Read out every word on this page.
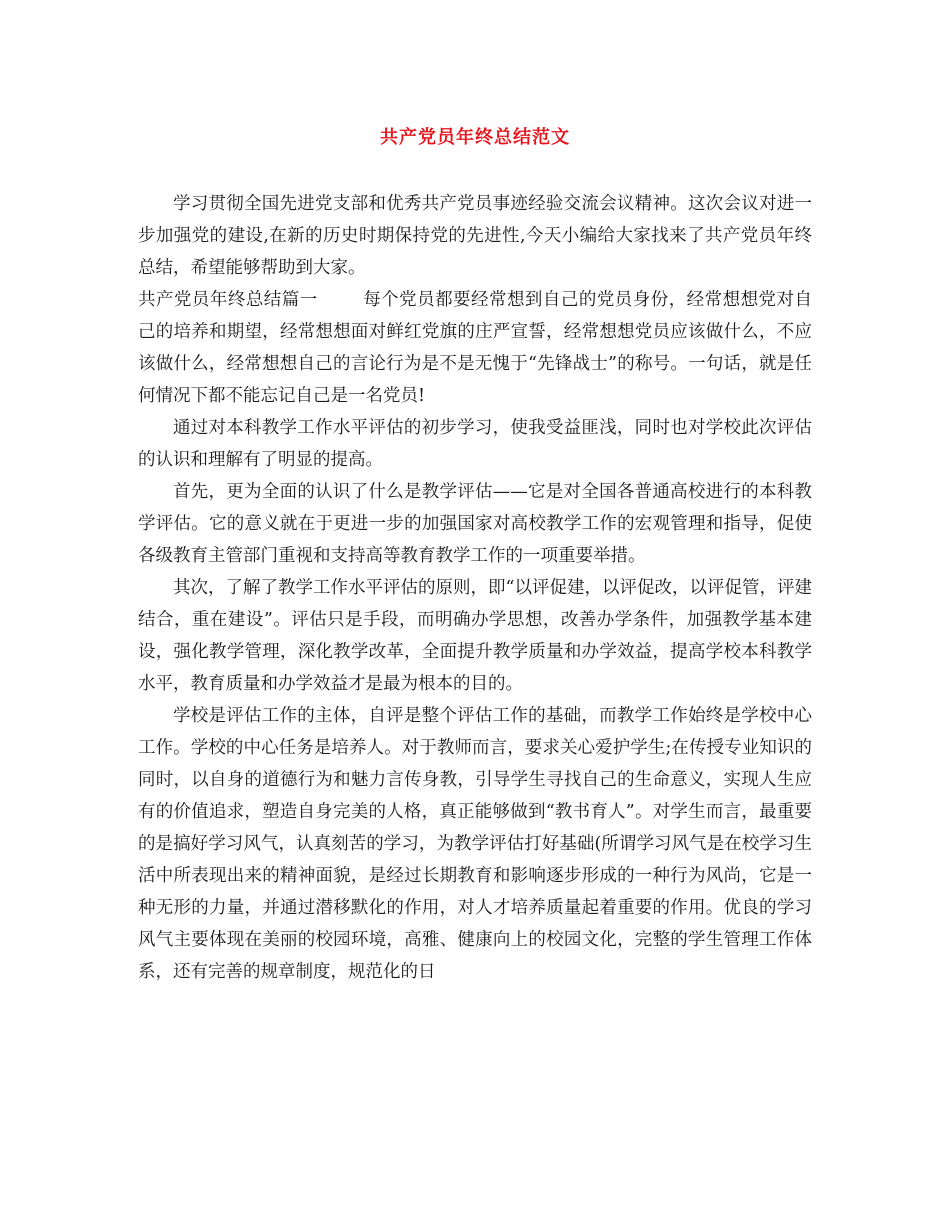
共产党员年终总结范文

学习贯彻全国先进党支部和优秀共产党员事迹经验交流会议精神。这次会议对进一步加强党的建设,在新的历史时期保持党的先进性,今天小编给大家找来了共产党员年终总结，希望能够帮助到大家。

共产党员年终总结篇一	每个党员都要经常想到自己的党员身份，经常想想党对自己的培养和期望，经常想想面对鲜红党旗的庄严宣誓，经常想想党员应该做什么，不应该做什么，经常想想自己的言论行为是不是无愧于“先锋战士”的称号。一句话，就是任何情况下都不能忘记自己是一名党员!

通过对本科教学工作水平评估的初步学习，使我受益匪浅，同时也对学校此次评估的认识和理解有了明显的提高。

首先，更为全面的认识了什么是教学评估——它是对全国各普通高校进行的本科教学评估。它的意义就在于更进一步的加强国家对高校教学工作的宏观管理和指导，促使各级教育主管部门重视和支持高等教育教学工作的一项重要举措。

其次，了解了教学工作水平评估的原则，即“以评促建，以评促改，以评促管，评建结合，重在建设”。评估只是手段，而明确办学思想，改善办学条件，加强教学基本建设，强化教学管理，深化教学改革，全面提升教学质量和办学效益，提高学校本科教学水平，教育质量和办学效益才是最为根本的目的。

学校是评估工作的主体，自评是整个评估工作的基础，而教学工作始终是学校中心工作。学校的中心任务是培养人。对于教师而言，要求关心爱护学生;在传授专业知识的同时，以自身的道德行为和魅力言传身教，引导学生寻找自己的生命意义，实现人生应有的价值追求，塑造自身完美的人格，真正能够做到“教书育人”。对学生而言，最重要的是搞好学习风气，认真刻苦的学习，为教学评估打好基础(所谓学习风气是在校学习生活中所表现出来的精神面貌，是经过长期教育和影响逐步形成的一种行为风尚，它是一种无形的力量，并通过潜移默化的作用，对人才培养质量起着重要的作用。优良的学习风气主要体现在美丽的校园环境，高雅、健康向上的校园文化，完整的学生管理工作体系，还有完善的规章制度，规范化的日
